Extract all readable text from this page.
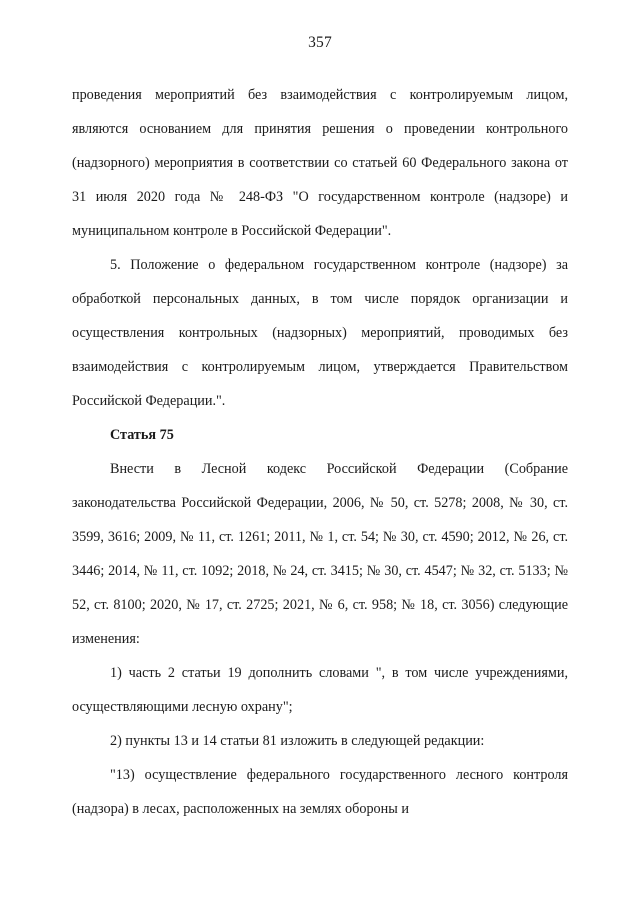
357

проведения мероприятий без взаимодействия с контролируемым лицом, являются основанием для принятия решения о проведении контрольного (надзорного) мероприятия в соответствии со статьей 60 Федерального закона от 31 июля 2020 года № 248-ФЗ "О государственном контроле (надзоре) и муниципальном контроле в Российской Федерации".

5. Положение о федеральном государственном контроле (надзоре) за обработкой персональных данных, в том числе порядок организации и осуществления контрольных (надзорных) мероприятий, проводимых без взаимодействия с контролируемым лицом, утверждается Правительством Российской Федерации.".

Статья 75

Внести в Лесной кодекс Российской Федерации (Собрание законодательства Российской Федерации, 2006, № 50, ст. 5278; 2008, № 30, ст. 3599, 3616; 2009, № 11, ст. 1261; 2011, № 1, ст. 54; № 30, ст. 4590; 2012, № 26, ст. 3446; 2014, № 11, ст. 1092; 2018, № 24, ст. 3415; № 30, ст. 4547; № 32, ст. 5133; № 52, ст. 8100; 2020, № 17, ст. 2725; 2021, № 6, ст. 958; № 18, ст. 3056) следующие изменения:

1) часть 2 статьи 19 дополнить словами ", в том числе учреждениями, осуществляющими лесную охрану";

2) пункты 13 и 14 статьи 81 изложить в следующей редакции:

"13) осуществление федерального государственного лесного контроля (надзора) в лесах, расположенных на землях обороны и
